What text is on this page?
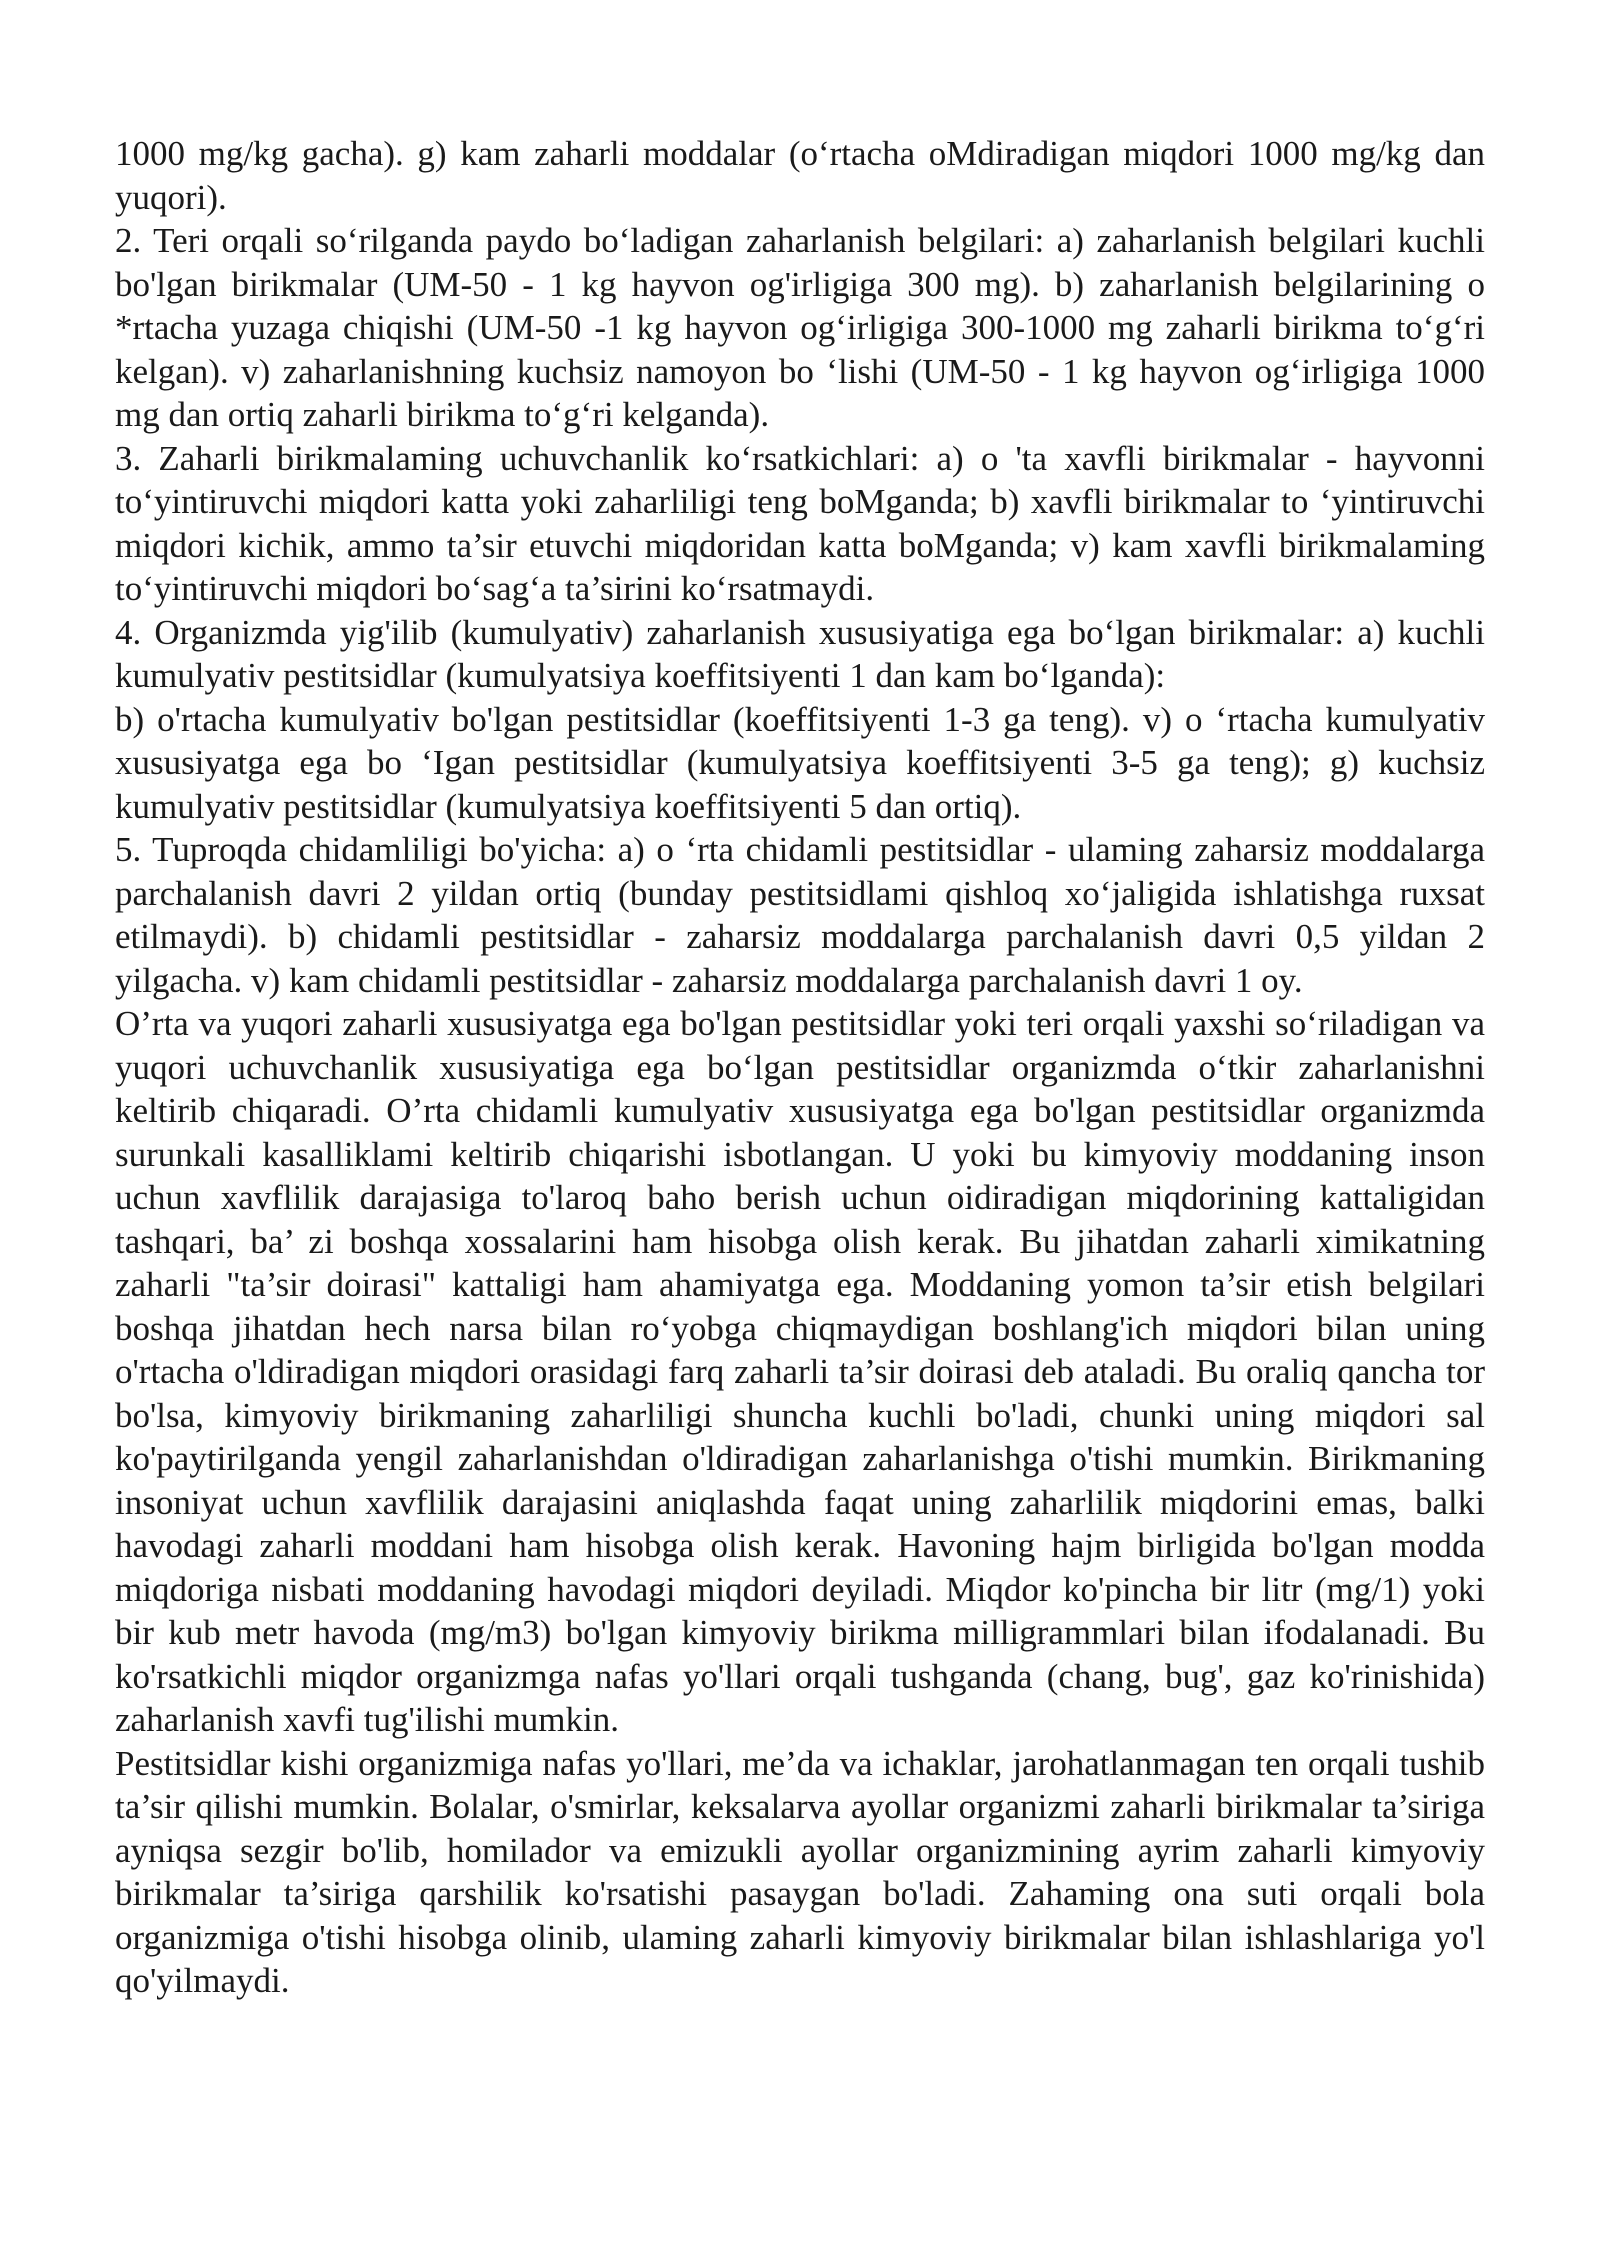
1000 mg/kg gacha). g) kam zaharli moddalar (o‘rtacha oMdiradigan miqdori 1000 mg/kg dan yuqori).

2. Teri orqali so‘rilganda paydo bo‘ladigan zaharlanish belgilari: a) zaharlanish belgilari kuchli bo'lgan birikmalar (UM-50 - 1 kg hayvon og'irligiga 300 mg). b) zaharlanish belgilarining o *rtacha yuzaga chiqishi (UM-50 -1 kg hayvon og‘irligiga 300-1000 mg zaharli birikma to‘g‘ri kelgan). v) zaharlanishning kuchsiz namoyon bo ‘lishi (UM-50 - 1 kg hayvon og‘irligiga 1000 mg dan ortiq zaharli birikma to‘g‘ri kelganda).

3. Zaharli birikmalaming uchuvchanlik ko‘rsatkichlari: a) o 'ta xavfli birikmalar - hayvonni to‘yintiruvchi miqdori katta yoki zaharliligi teng boMganda; b) xavfli birikmalar to ‘yintiruvchi miqdori kichik, ammo ta’sir etuvchi miqdoridan katta boMganda; v) kam xavfli birikmalaming to‘yintiruvchi miqdori bo‘sag‘a ta’sirini ko‘rsatmaydi.

4. Organizmda yig'ilib (kumulyativ) zaharlanish xususiyatiga ega bo‘lgan birikmalar: a) kuchli kumulyativ pestitsidlar (kumulyatsiya koeffitsiyenti 1 dan kam bo‘lganda):

b) o'rtacha kumulyativ bo'lgan pestitsidlar (koeffitsiyenti 1-3 ga teng). v) o ‘rtacha kumulyativ xususiyatga ega bo ‘Igan pestitsidlar (kumulyatsiya koeffitsiyenti 3-5 ga teng); g) kuchsiz kumulyativ pestitsidlar (kumulyatsiya koeffitsiyenti 5 dan ortiq).

5. Tuproqda chidamliligi bo'yicha: a) o ‘rta chidamli pestitsidlar - ulaming zaharsiz moddalarga parchalanish davri 2 yildan ortiq (bunday pestitsidlami qishloq xo‘jaligida ishlatishga ruxsat etilmaydi). b) chidamli pestitsidlar - zaharsiz moddalarga parchalanish davri 0,5 yildan 2 yilgacha. v) kam chidamli pestitsidlar - zaharsiz moddalarga parchalanish davri 1 oy.

O’rta va yuqori zaharli xususiyatga ega bo'lgan pestitsidlar yoki teri orqali yaxshi so‘riladigan va yuqori uchuvchanlik xususiyatiga ega bo‘lgan pestitsidlar organizmda o‘tkir zaharlanishni keltirib chiqaradi. O’rta chidamli kumulyativ xususiyatga ega bo'lgan pestitsidlar organizmda surunkali kasalliklami keltirib chiqarishi isbotlangan. U yoki bu kimyoviy moddaning inson uchun xavflilik darajasiga to'laroq baho berish uchun oidiradigan miqdorining kattaligidan tashqari, ba’ zi boshqa xossalarini ham hisobga olish kerak. Bu jihatdan zaharli ximikatning zaharli "ta’sir doirasi" kattaligi ham ahamiyatga ega. Moddaning yomon ta’sir etish belgilari boshqa jihatdan hech narsa bilan ro‘yobga chiqmaydigan boshlang'ich miqdori bilan uning o'rtacha o'ldiradigan miqdori orasidagi farq zaharli ta’sir doirasi deb ataladi. Bu oraliq qancha tor bo'lsa, kimyoviy birikmaning zaharliligi shuncha kuchli bo'ladi, chunki uning miqdori sal ko'paytirilganda yengil zaharlanishdan o'ldiradigan zaharlanishga o'tishi mumkin. Birikmaning insoniyat uchun xavflilik darajasini aniqlashda faqat uning zaharlilik miqdorini emas, balki havodagi zaharli moddani ham hisobga olish kerak. Havoning hajm birligida bo'lgan modda miqdoriga nisbati moddaning havodagi miqdori deyiladi. Miqdor ko'pincha bir litr (mg/1) yoki bir kub metr havoda (mg/m3) bo'lgan kimyoviy birikma milligrammlari bilan ifodalanadi. Bu ko'rsatkichli miqdor organizmga nafas yo'llari orqali tushganda (chang, bug', gaz ko'rinishida) zaharlanish xavfi tug'ilishi mumkin.

Pestitsidlar kishi organizmiga nafas yo'llari, me’da va ichaklar, jarohatlanmagan ten orqali tushib ta’sir qilishi mumkin. Bolalar, o'smirlar, keksalarva ayollar organizmi zaharli birikmalar ta’siriga ayniqsa sezgir bo'lib, homilador va emizukli ayollar organizmining ayrim zaharli kimyoviy birikmalar ta’siriga qarshilik ko'rsatishi pasaygan bo'ladi. Zahaming ona suti orqali bola organizmiga o'tishi hisobga olinib, ulaming zaharli kimyoviy birikmalar bilan ishlashlariga yo'l qo'yilmaydi.
